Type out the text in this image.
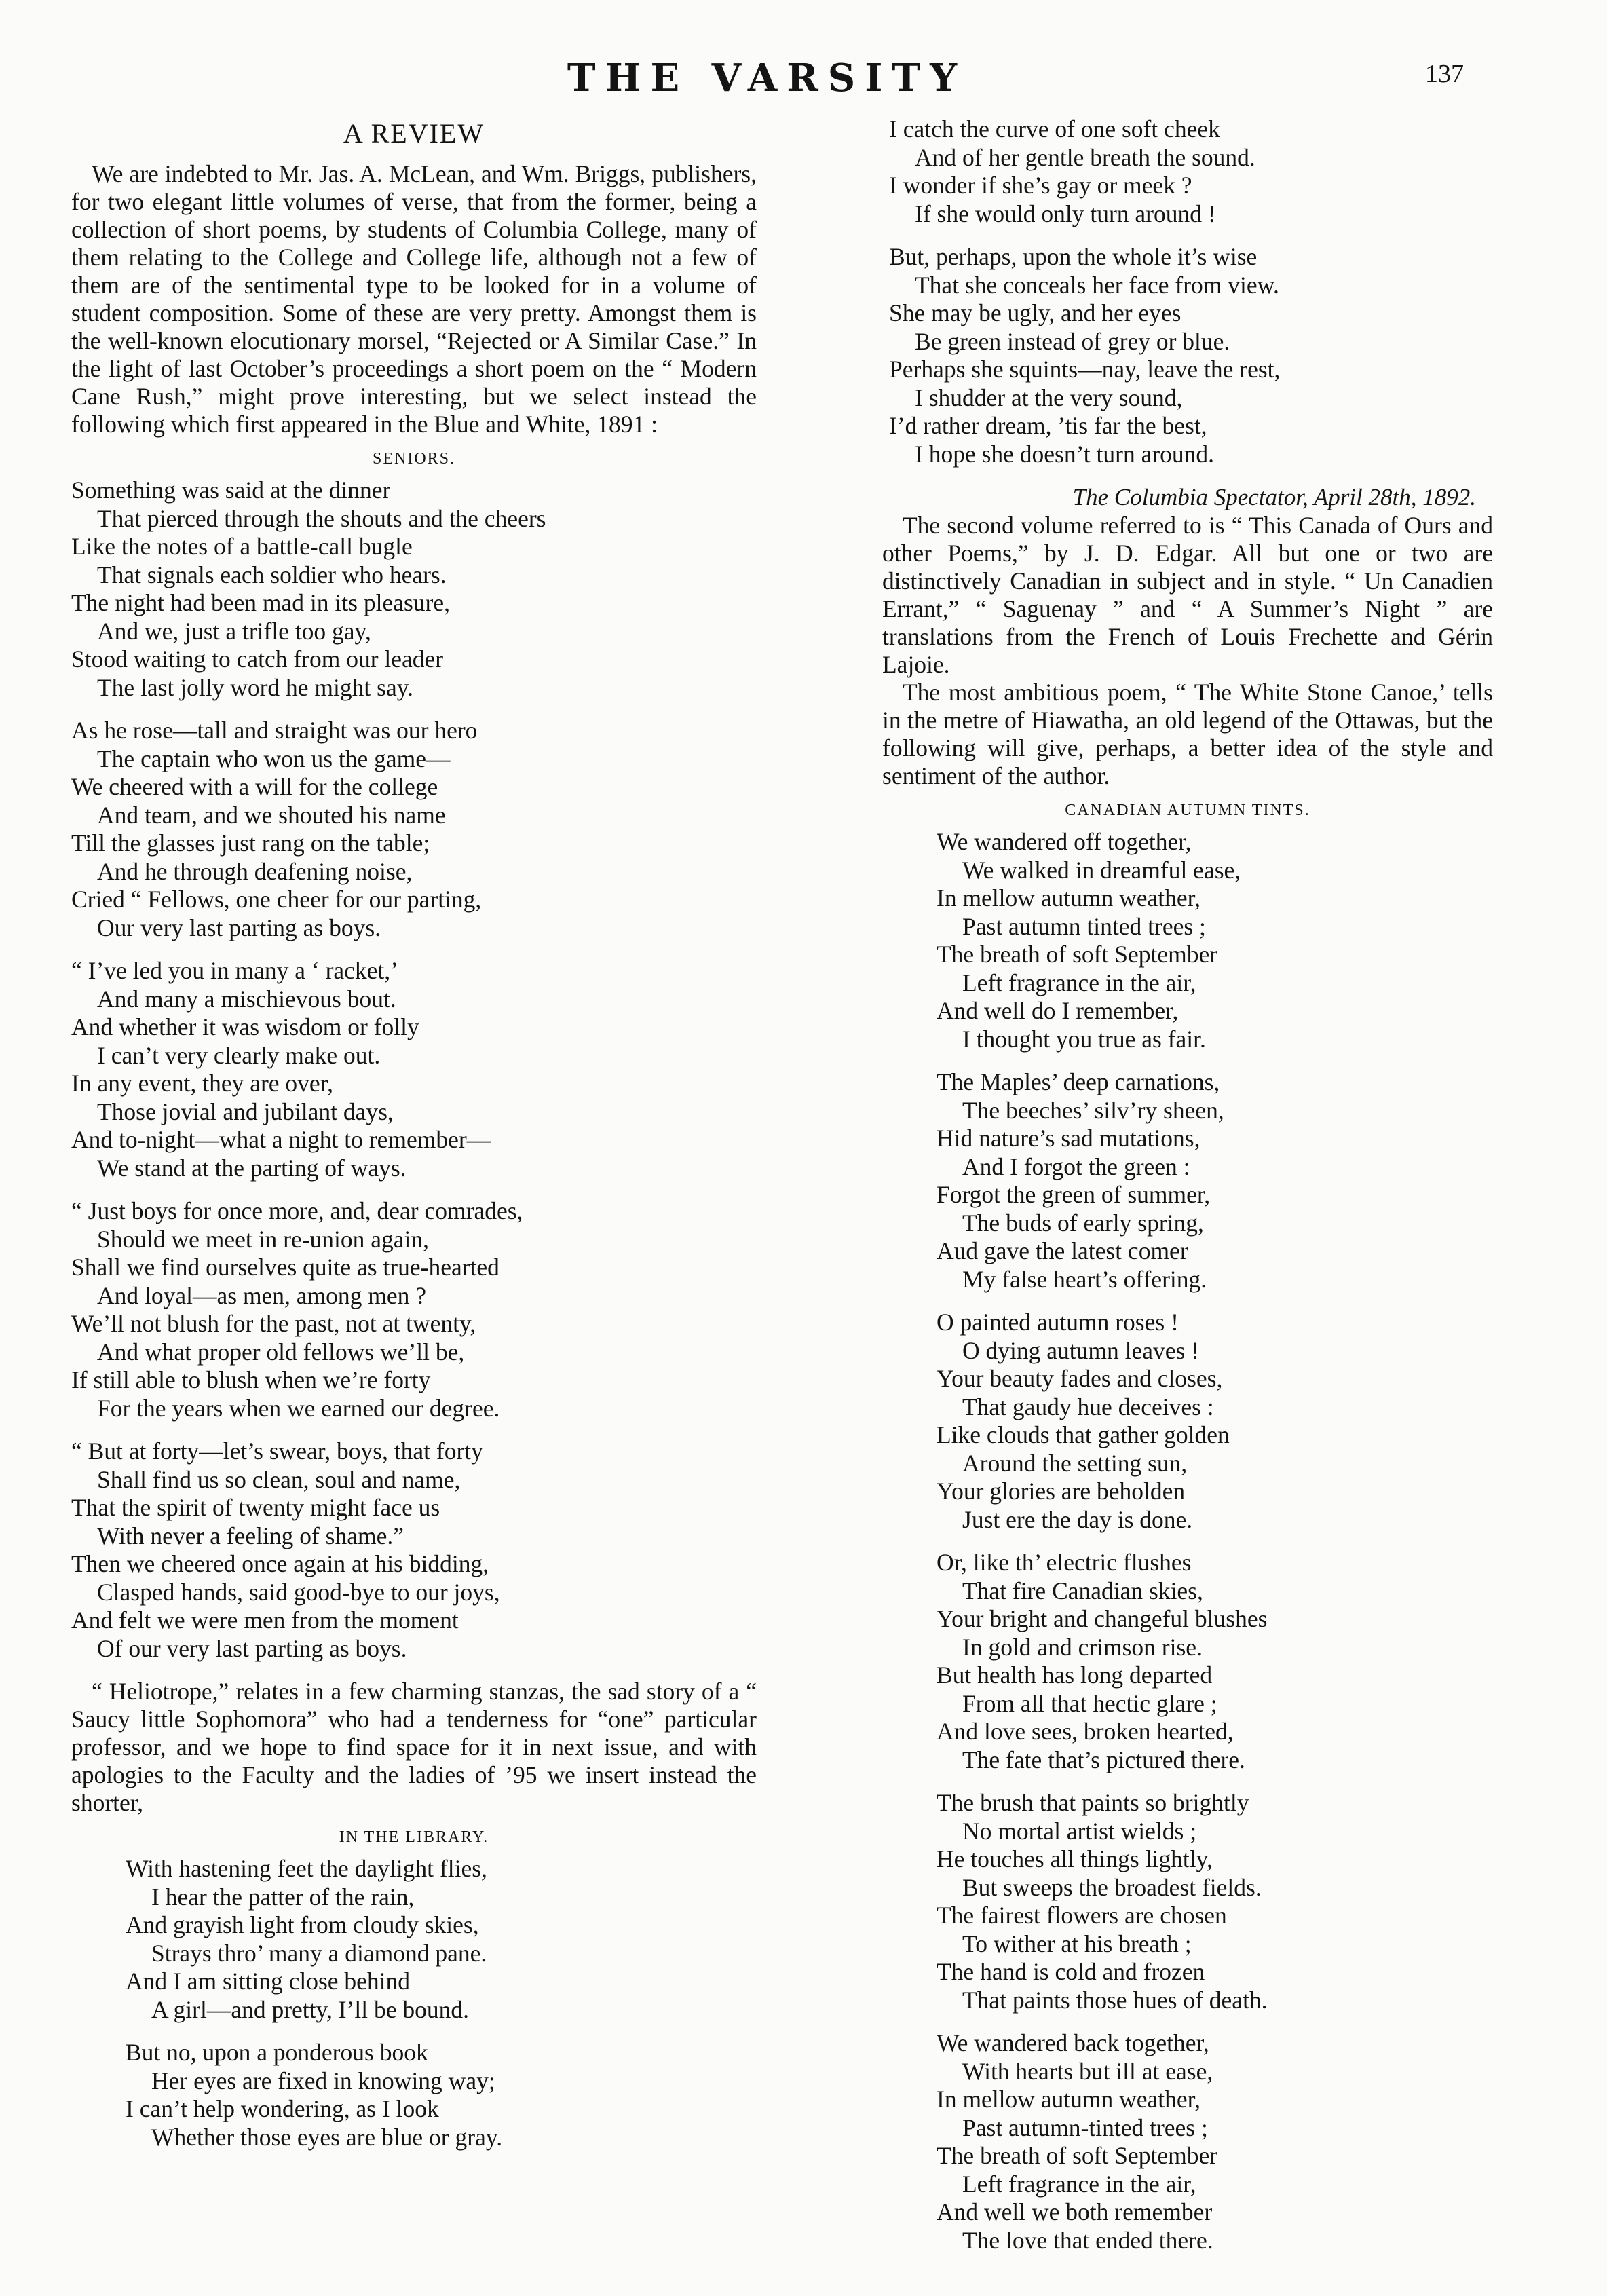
THE VARSITY	137
A REVIEW

We are indebted to Mr. Jas. A. McLean, and Wm. Briggs, publishers, for two elegant little volumes of verse, that from the former, being a collection of short poems, by students of Columbia College, many of them relating to the College and College life, although not a few of them are of the sentimental type to be looked for in a volume of student composition. Some of these are very pretty. Amongst them is the well-known elocutionary morsel, “Rejected or A Similar Case.” In the light of last October’s proceedings a short poem on the “ Modern Cane Rush,” might prove interesting, but we select instead the following which first appeared in the Blue and White, 1891 :

SENIORS.
Something was said at the dinner
That pierced through the shouts and the cheers
Like the notes of a battle-call bugle
That signals each soldier who hears.
The night had been mad in its pleasure,
And we, just a trifle too gay,
Stood waiting to catch from our leader
The last jolly word he might say.
As he rose—tall and straight was our hero
The captain who won us the game—
We cheered with a will for the college
And team, and we shouted his name
Till the glasses just rang on the table;
And he through deafening noise,
Cried “ Fellows, one cheer for our parting,
Our very last parting as boys.
“ I’ve led you in many a ‘ racket,’
And many a mischievous bout.
And whether it was wisdom or folly
I can’t very clearly make out.
In any event, they are over,
Those jovial and jubilant days,
And to-night—what a night to remember—
We stand at the parting of ways.
“ Just boys for once more, and, dear comrades,
Should we meet in re-union again,
Shall we find ourselves quite as true-hearted
And loyal—as men, among men ?
We’ll not blush for the past, not at twenty,
And what proper old fellows we’ll be,
If still able to blush when we’re forty
For the years when we earned our degree.
“ But at forty—let’s swear, boys, that forty
Shall find us so clean, soul and name,
That the spirit of twenty might face us
With never a feeling of shame.”
Then we cheered once again at his bidding,
Clasped hands, said good-bye to our joys,
And felt we were men from the moment
Of our very last parting as boys.

“ Heliotrope,” relates in a few charming stanzas, the sad story of a “ Saucy little Sophomora” who had a tenderness for “one” particular professor, and we hope to find space for it in next issue, and with apologies to the Faculty and the ladies of ’95 we insert instead the shorter,

IN THE LIBRARY.
With hastening feet the daylight flies,
I hear the patter of the rain,
And grayish light from cloudy skies,
Strays thro’ many a diamond pane.
And I am sitting close behind
A girl—and pretty, I’ll be bound.
But no, upon a ponderous book
Her eyes are fixed in knowing way;
I can’t help wondering, as I look
Whether those eyes are blue or gray.
I catch the curve of one soft cheek
And of her gentle breath the sound.
I wonder if she’s gay or meek ?
If she would only turn around !
But, perhaps, upon the whole it’s wise
That she conceals her face from view.
She may be ugly, and her eyes
Be green instead of grey or blue.
Perhaps she squints—nay, leave the rest,
I shudder at the very sound,
I’d rather dream, ’tis far the best,
I hope she doesn’t turn around.
The Columbia Spectator, April 28th, 1892.

The second volume referred to is “ This Canada of Ours and other Poems,” by J. D. Edgar. All but one or two are distinctively Canadian in subject and in style. “ Un Canadien Errant,” “ Saguenay ” and “ A Summer’s Night ” are translations from the French of Louis Frechette and Gérin Lajoie.

The most ambitious poem, “ The White Stone Canoe,’ tells in the metre of Hiawatha, an old legend of the Ottawas, but the following will give, perhaps, a better idea of the style and sentiment of the author.

CANADIAN AUTUMN TINTS.
We wandered off together,
We walked in dreamful ease,
In mellow autumn weather,
Past autumn tinted trees ;
The breath of soft September
Left fragrance in the air,
And well do I remember,
I thought you true as fair.
The Maples’ deep carnations,
The beeches’ silv’ry sheen,
Hid nature’s sad mutations,
And I forgot the green :
Forgot the green of summer,
The buds of early spring,
Aud gave the latest comer
My false heart’s offering.
O painted autumn roses !
O dying autumn leaves !
Your beauty fades and closes,
That gaudy hue deceives :
Like clouds that gather golden
Around the setting sun,
Your glories are beholden
Just ere the day is done.
Or, like th’ electric flushes
That fire Canadian skies,
Your bright and changeful blushes
In gold and crimson rise.
But health has long departed
From all that hectic glare ;
And love sees, broken hearted,
The fate that’s pictured there.
The brush that paints so brightly
No mortal artist wields ;
He touches all things lightly,
But sweeps the broadest fields.
The fairest flowers are chosen
To wither at his breath ;
The hand is cold and frozen
That paints those hues of death.
We wandered back together,
With hearts but ill at ease,
In mellow autumn weather,
Past autumn-tinted trees ;
The breath of soft September
Left fragrance in the air,
And well we both remember
The love that ended there.
